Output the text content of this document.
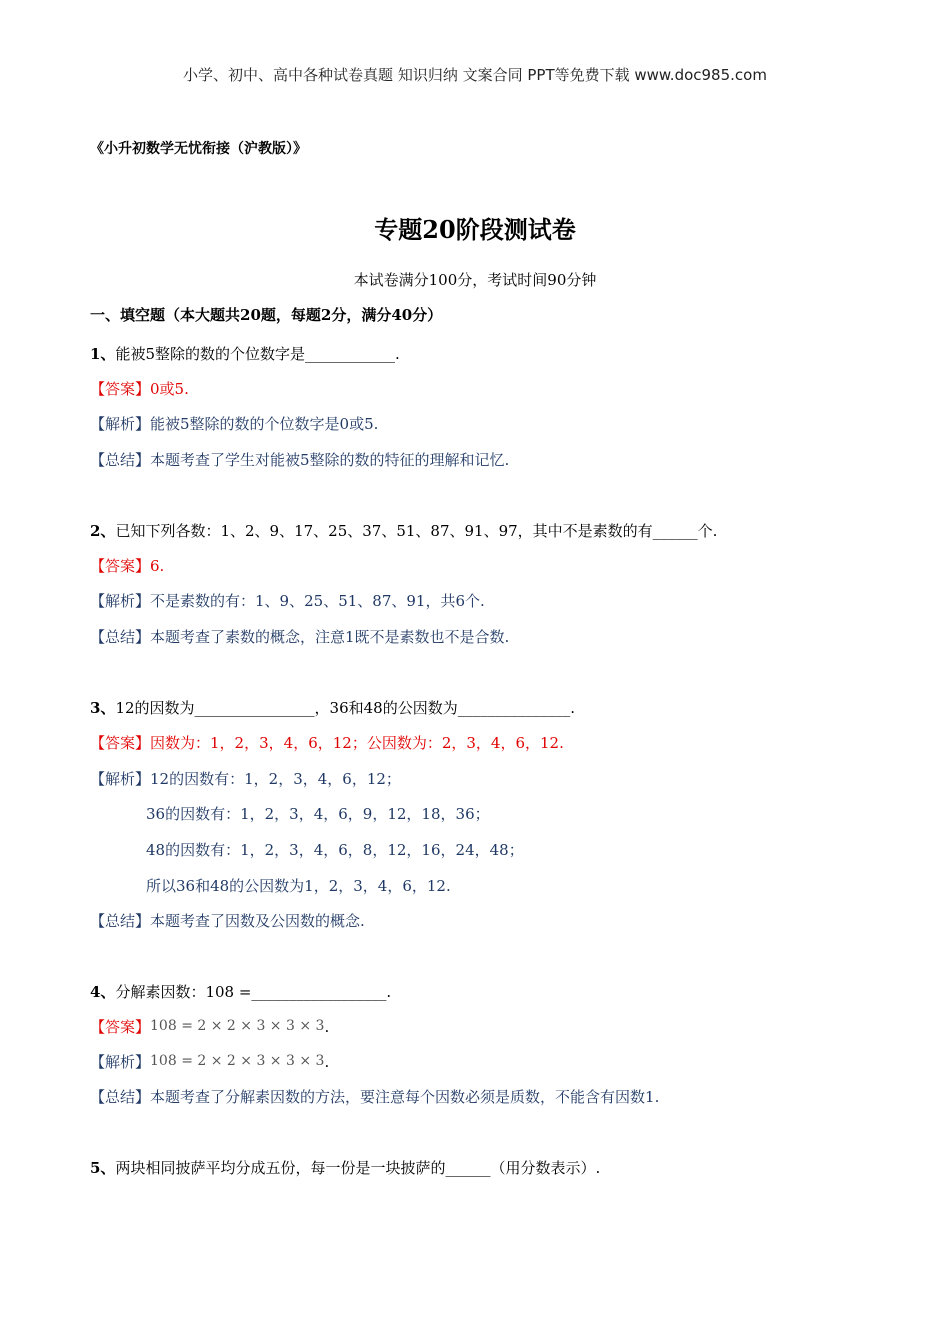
小学、初中、高中各种试卷真题 知识归纳 文案合同 PPT等免费下载 www.doc985.com
《小升初数学无忧衔接（沪教版）》
专题20阶段测试卷
本试卷满分100分，考试时间90分钟
一、填空题（本大题共20题，每题2分，满分40分）
1、能被5整除的数的个位数字是____________.
【答案】0或5.
【解析】能被5整除的数的个位数字是0或5.
【总结】本题考查了学生对能被5整除的数的特征的理解和记忆.
2、已知下列各数：1、2、9、17、25、37、51、87、91、97，其中不是素数的有______个.
【答案】6.
【解析】不是素数的有：1、9、25、51、87、91，共6个.
【总结】本题考查了素数的概念，注意1既不是素数也不是合数.
3、12的因数为________________，36和48的公因数为_______________.
【答案】因数为：1，2，3，4，6，12；公因数为：2，3，4，6，12.
【解析】12的因数有：1，2，3，4，6，12；
36的因数有：1，2，3，4，6，9，12，18，36；
48的因数有：1，2，3，4，6，8，12，16，24，48；
所以36和48的公因数为1，2，3，4，6，12.
【总结】本题考查了因数及公因数的概念.
4、分解素因数：108 =__________________.
【答案】108 = 2 × 2 × 3 × 3 × 3.
【解析】108 = 2 × 2 × 3 × 3 × 3.
【总结】本题考查了分解素因数的方法，要注意每个因数必须是质数，不能含有因数1.
5、两块相同披萨平均分成五份，每一份是一块披萨的______（用分数表示）.
